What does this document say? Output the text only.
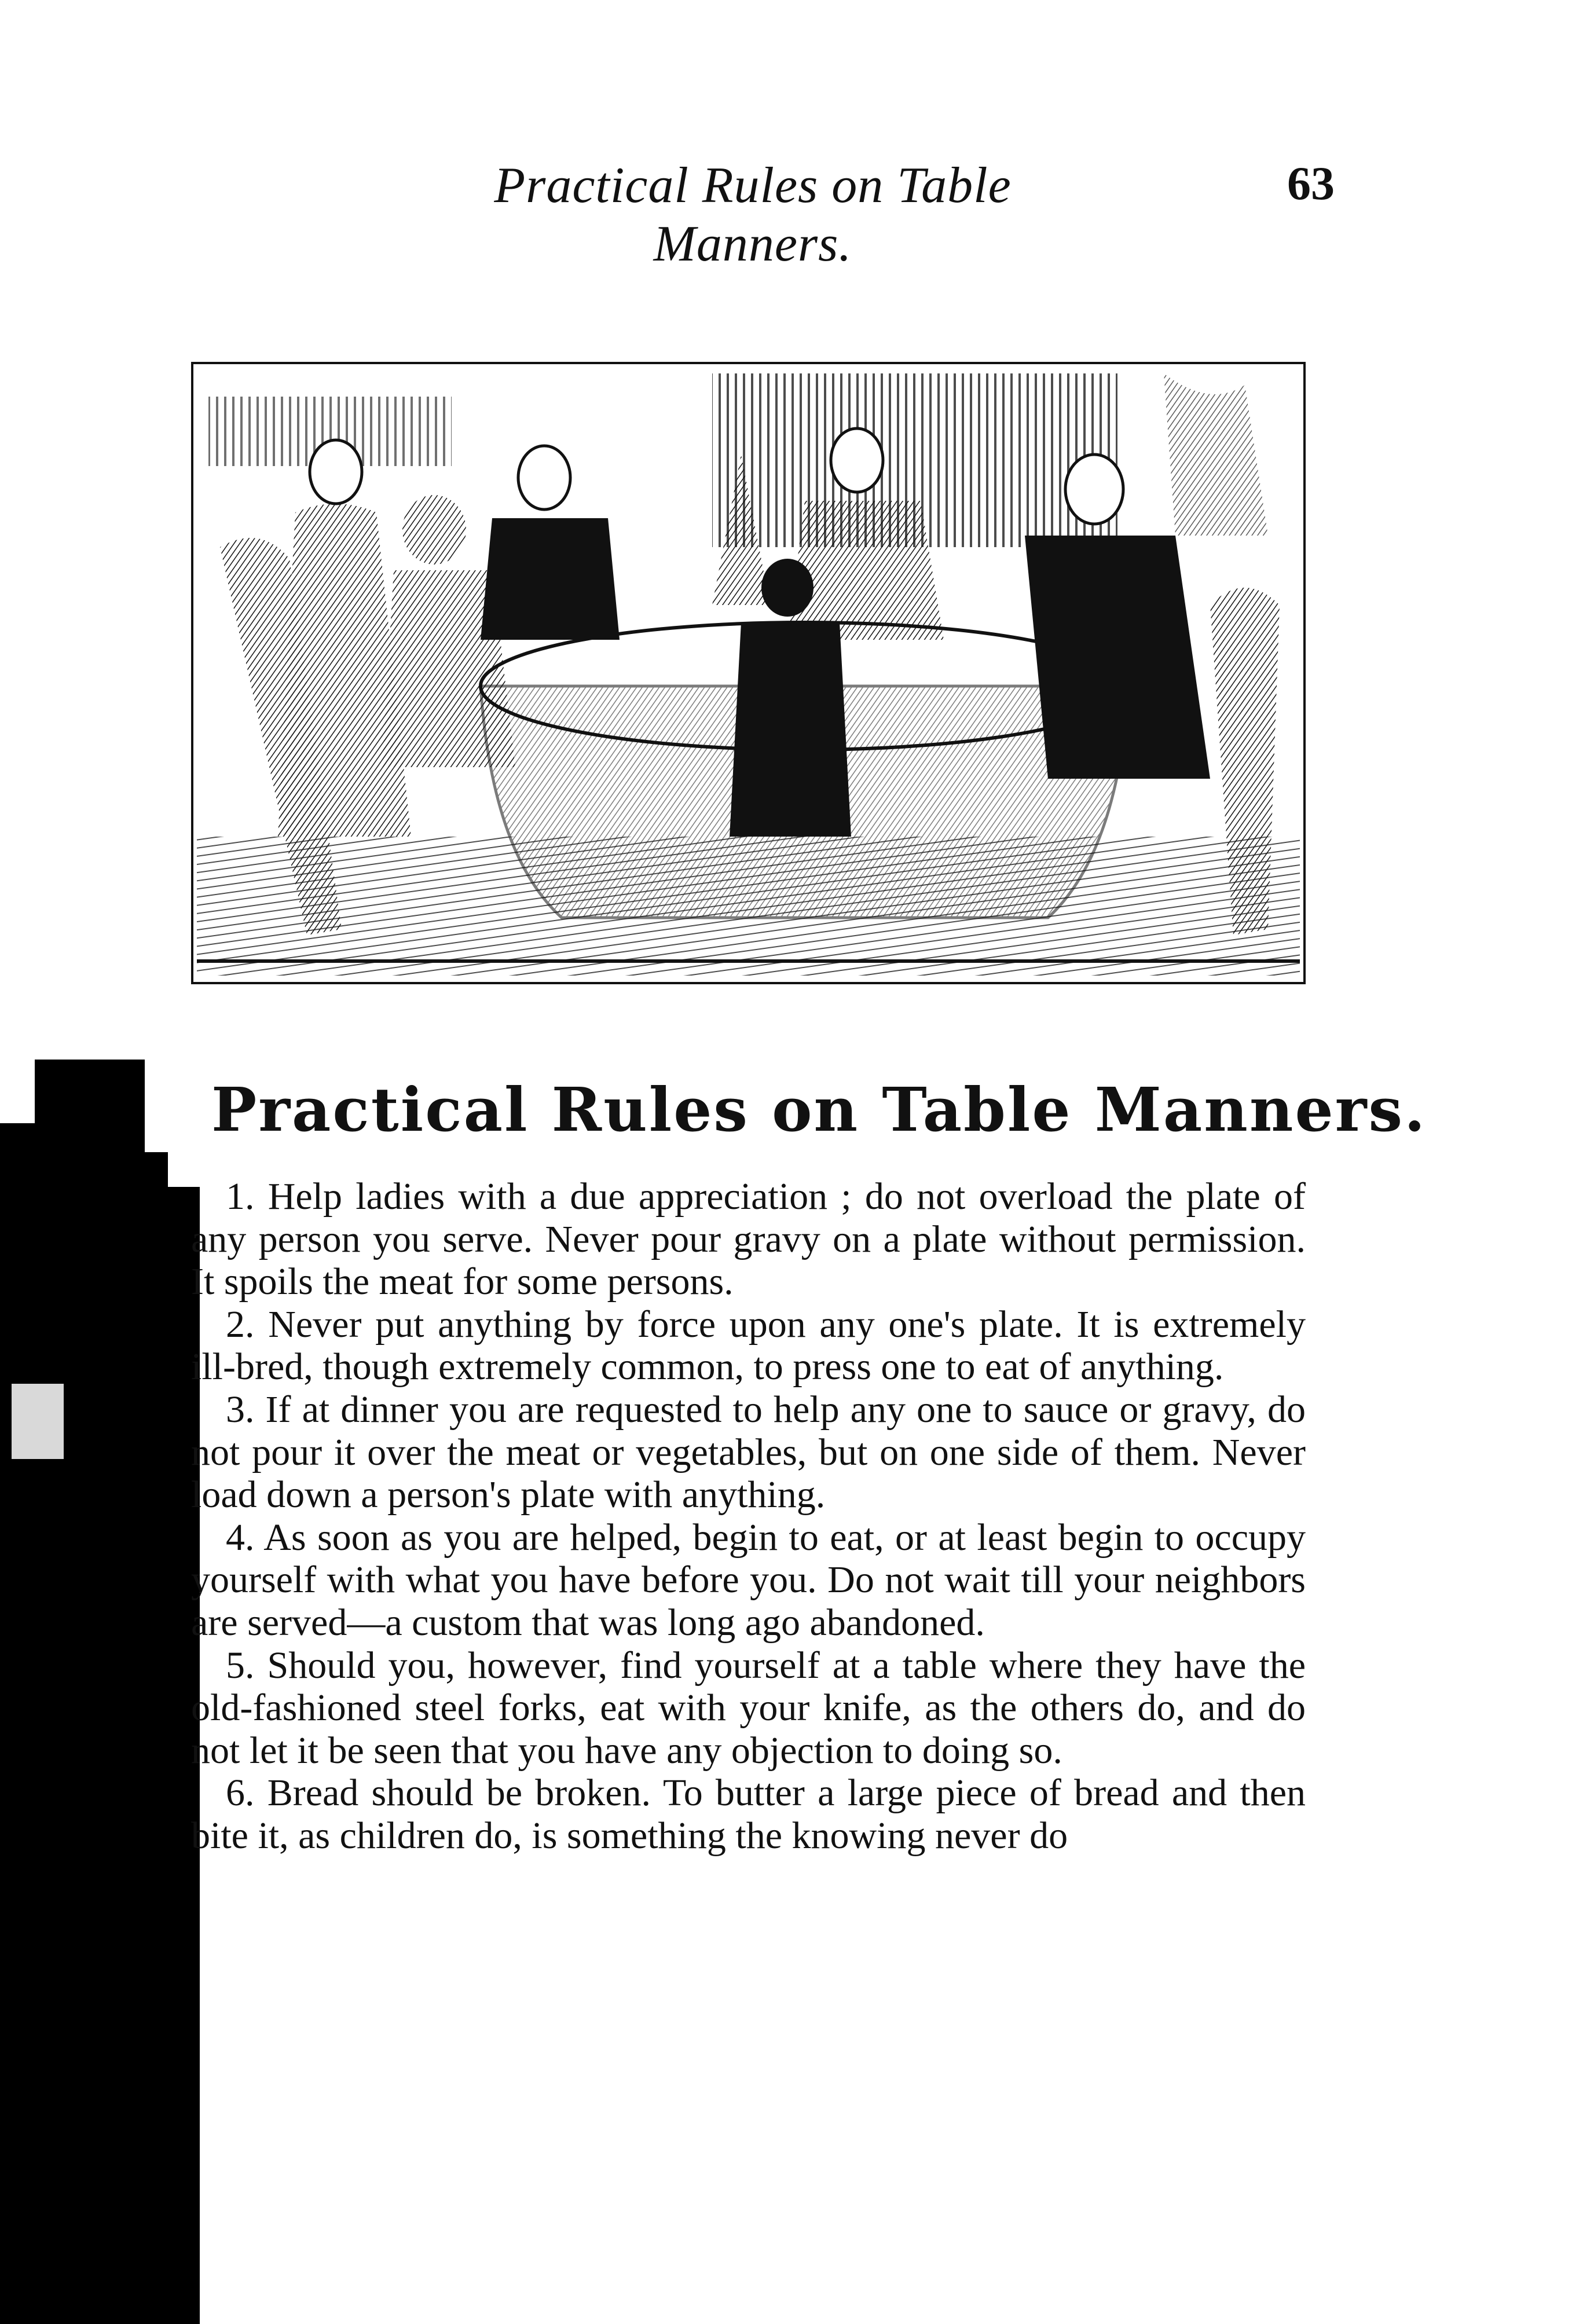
Practical Rules on Table Manners.
63
Practical Rules on Table Manners.

1. Help ladies with a due appreciation ; do not overload the plate of any person you serve. Never pour gravy on a plate without permission. It spoils the meat for some persons.

2. Never put anything by force upon any one's plate. It is extremely ill-bred, though extremely common, to press one to eat of anything.

3. If at dinner you are requested to help any one to sauce or gravy, do not pour it over the meat or vegetables, but on one side of them. Never load down a person's plate with anything.

4. As soon as you are helped, begin to eat, or at least begin to occupy yourself with what you have before you. Do not wait till your neighbors are served—a custom that was long ago abandoned.

5. Should you, however, find yourself at a table where they have the old-fashioned steel forks, eat with your knife, as the others do, and do not let it be seen that you have any objection to doing so.

6. Bread should be broken. To butter a large piece of bread and then bite it, as children do, is something the knowing never do
